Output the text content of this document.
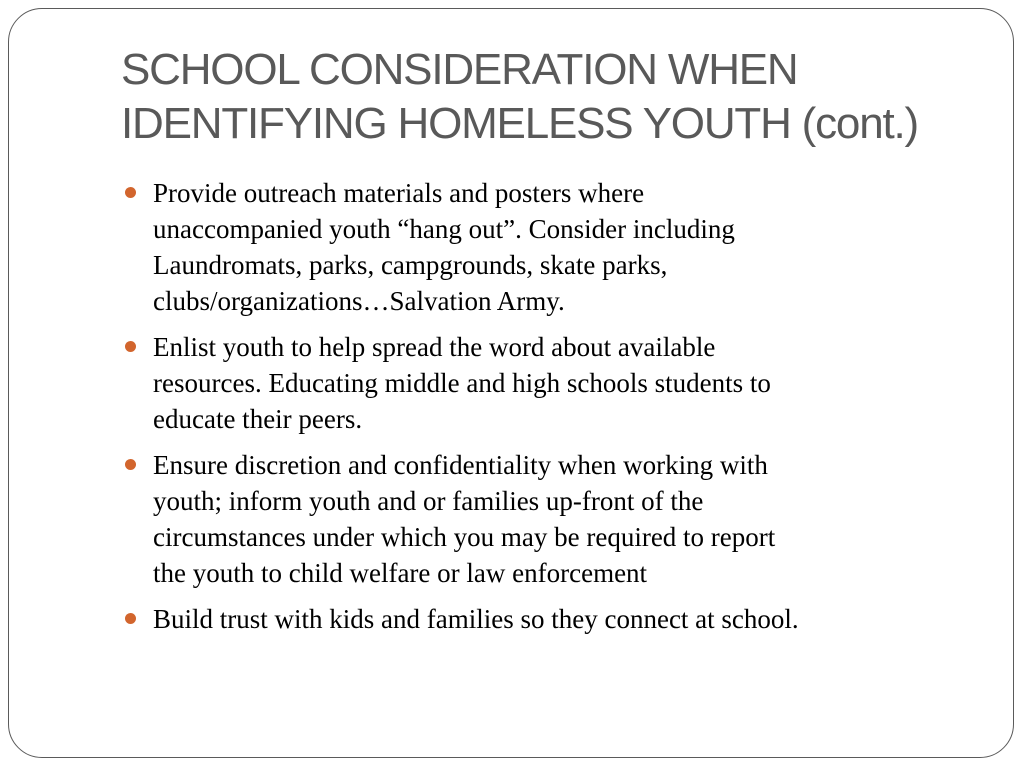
SCHOOL CONSIDERATION WHEN
IDENTIFYING HOMELESS YOUTH (cont.)
Provide outreach materials and posters where
unaccompanied youth “hang out”. Consider including
Laundromats, parks, campgrounds, skate parks,
clubs/organizations…Salvation Army.
Enlist youth to help spread the word about available
resources. Educating middle and high schools students to
educate their peers.
Ensure discretion and confidentiality when working with
youth; inform youth and or families up-front of the
circumstances under which you may be required to report
the youth to child welfare or law enforcement
Build trust with kids and families so they connect at school.
